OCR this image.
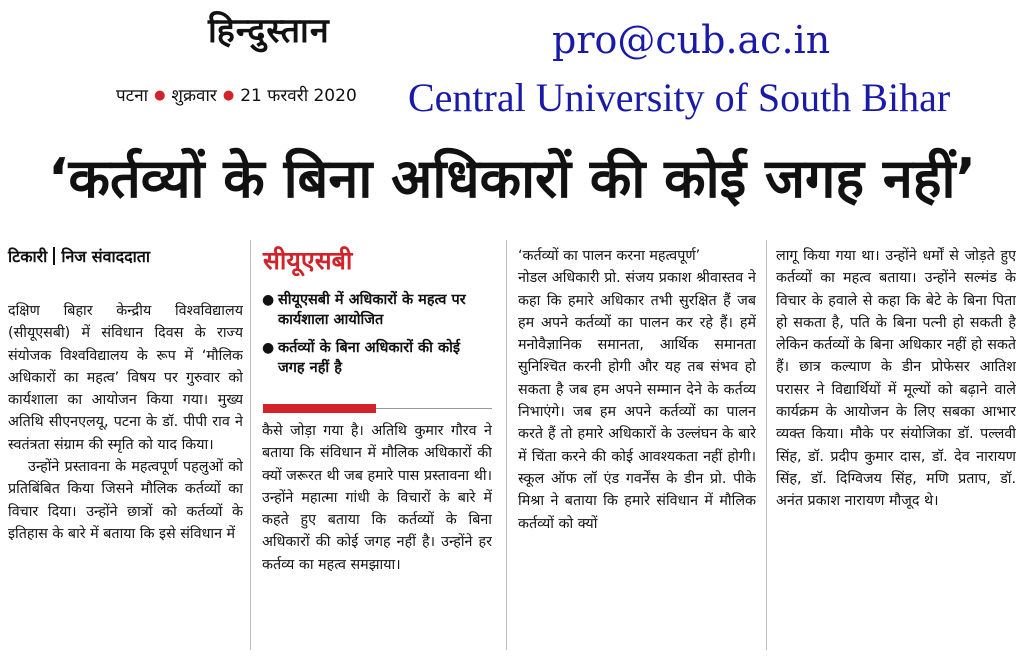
हिन्दुस्तान
पटना ● शुक्रवार ● 21 फरवरी 2020
pro@cub.ac.in
Central University of South Bihar
‘कर्तव्यों के बिना अधिकारों की कोई जगह नहीं’
टिकारी निज संवाददाता

दक्षिण बिहार केन्द्रीय विश्वविद्यालय (सीयूएसबी) में संविधान दिवस के राज्य संयोजक विश्वविद्यालय के रूप में ‘मौलिक अधिकारों का महत्व’ विषय पर गुरुवार को कार्यशाला का आयोजन किया गया। मुख्य अतिथि सीएनएलयू, पटना के डॉ. पीपी राव ने स्वतंत्रता संग्राम की स्मृति को याद किया।

उन्होंने प्रस्तावना के महत्वपूर्ण पहलुओं को प्रतिबिंबित किया जिसने मौलिक कर्तव्यों का विचार दिया। उन्होंने छात्रों को कर्तव्यों के इतिहास के बारे में बताया कि इसे संविधान में

सीयूएसबी
● सीयूएसबी में अधिकारों के महत्व पर कार्यशाला आयोजित
● कर्तव्यों के बिना अधिकारों की कोई जगह नहीं है

कैसे जोड़ा गया है। अतिथि कुमार गौरव ने बताया कि संविधान में मौलिक अधिकारों की क्यों जरूरत थी जब हमारे पास प्रस्तावना थी। उन्होंने महात्मा गांधी के विचारों के बारे में कहते हुए बताया कि कर्तव्यों के बिना अधिकारों की कोई जगह नहीं है। उन्होंने हर कर्तव्य का महत्व समझाया।

‘कर्तव्यों का पालन करना महत्वपूर्ण’

नोडल अधिकारी प्रो. संजय प्रकाश श्रीवास्तव ने कहा कि हमारे अधिकार तभी सुरक्षित हैं जब हम अपने कर्तव्यों का पालन कर रहे हैं। हमें मनोवैज्ञानिक समानता, आर्थिक समानता सुनिश्चित करनी होगी और यह तब संभव हो सकता है जब हम अपने सम्मान देने के कर्तव्य निभाएंगे। जब हम अपने कर्तव्यों का पालन करते हैं तो हमारे अधिकारों के उल्लंघन के बारे में चिंता करने की कोई आवश्यकता नहीं होगी। स्कूल ऑफ लॉ एंड गवर्नेंस के डीन प्रो. पीके मिश्रा ने बताया कि हमारे संविधान में मौलिक कर्तव्यों को क्यों

लागू किया गया था। उन्होंने धर्मों से जोड़ते हुए कर्तव्यों का महत्व बताया। उन्होंने सल्मंड के विचार के हवाले से कहा कि बेटे के बिना पिता हो सकता है, पति के बिना पत्नी हो सकती है लेकिन कर्तव्यों के बिना अधिकार नहीं हो सकते हैं। छात्र कल्याण के डीन प्रोफेसर आतिश परासर ने विद्यार्थियों में मूल्यों को बढ़ाने वाले कार्यक्रम के आयोजन के लिए सबका आभार व्यक्त किया। मौके पर संयोजिका डॉ. पल्लवी सिंह, डॉ. प्रदीप कुमार दास, डॉ. देव नारायण सिंह, डॉ. दिग्विजय सिंह, मणि प्रताप, डॉ. अनंत प्रकाश नारायण मौजूद थे।
